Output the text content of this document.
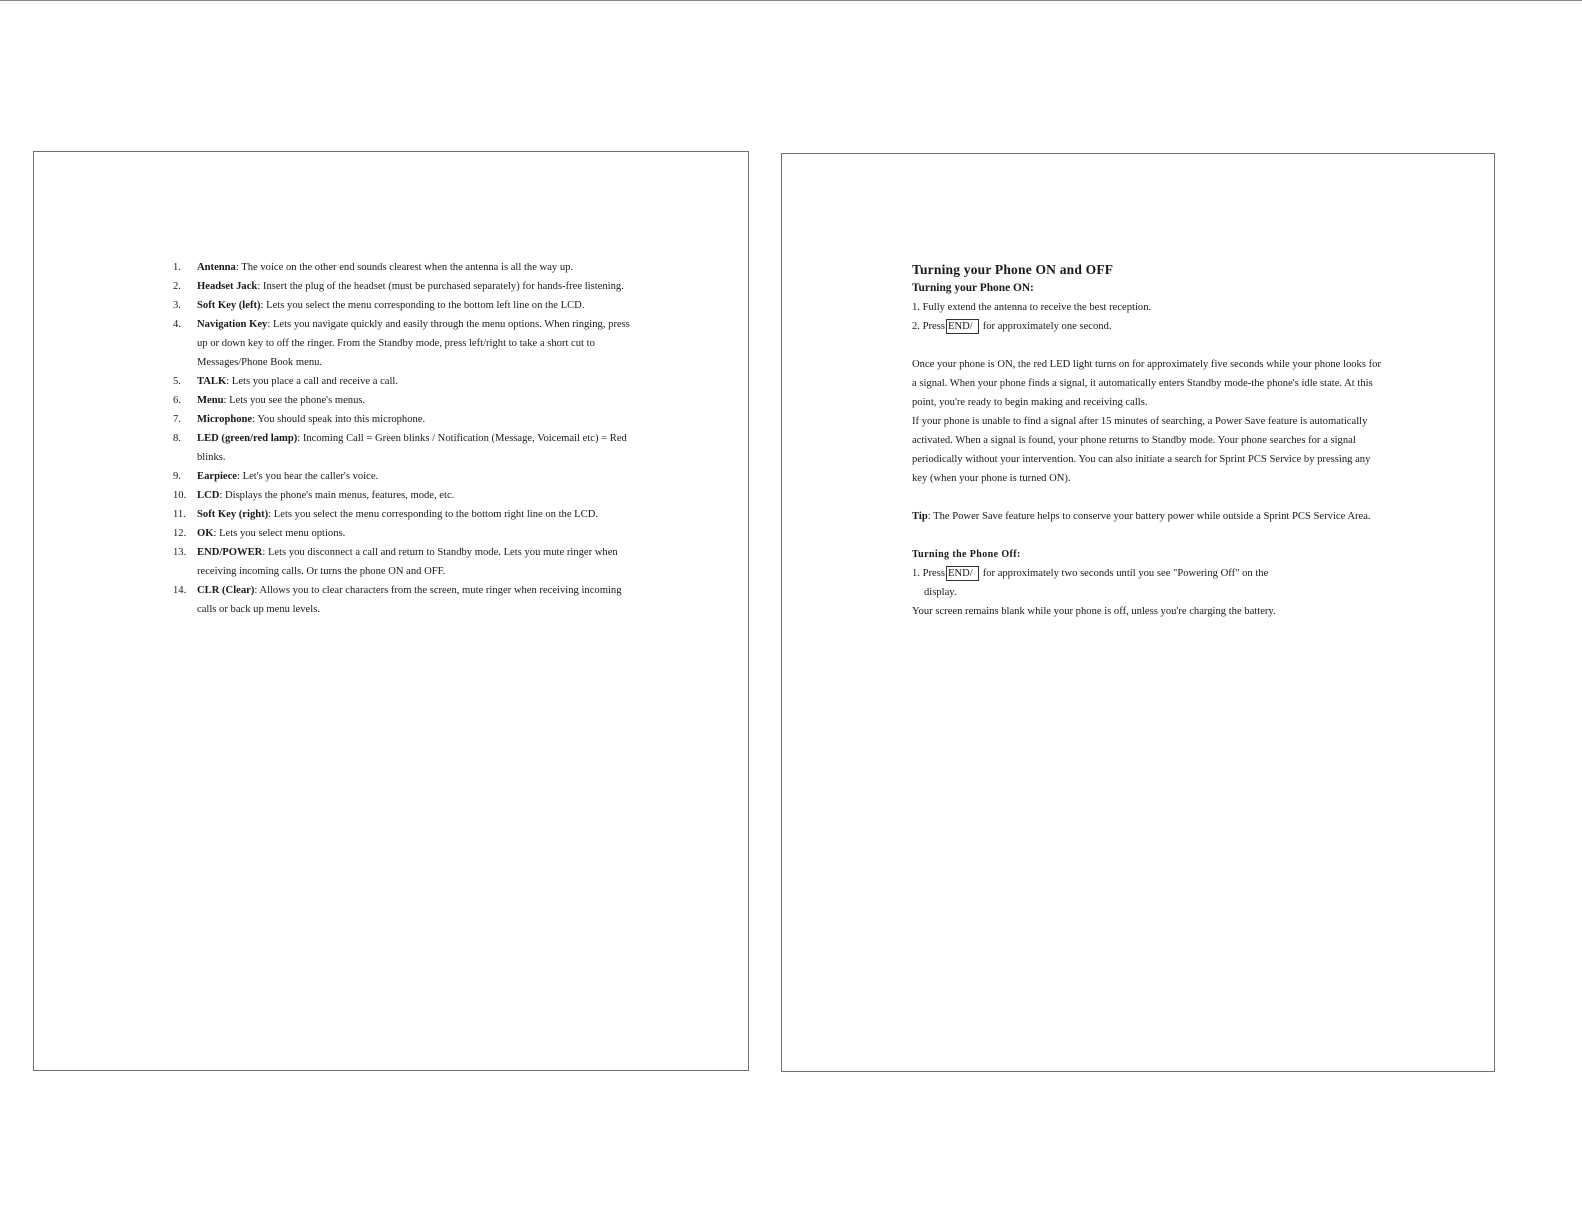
1. Antenna: The voice on the other end sounds clearest when the antenna is all the way up.
2. Headset Jack: Insert the plug of the headset (must be purchased separately) for hands-free listening.
3. Soft Key (left): Lets you select the menu corresponding to the bottom left line on the LCD.
4. Navigation Key: Lets you navigate quickly and easily through the menu options. When ringing, press up or down key to off the ringer. From the Standby mode, press left/right to take a short cut to Messages/Phone Book menu.
5. TALK: Lets you place a call and receive a call.
6. Menu: Lets you see the phone's menus.
7. Microphone: You should speak into this microphone.
8. LED (green/red lamp): Incoming Call = Green blinks / Notification (Message, Voicemail etc) = Red blinks.
9. Earpiece: Let's you hear the caller's voice.
10. LCD: Displays the phone's main menus, features, mode, etc.
11. Soft Key (right): Lets you select the menu corresponding to the bottom right line on the LCD.
12. OK: Lets you select menu options.
13. END/POWER: Lets you disconnect a call and return to Standby mode. Lets you mute ringer when receiving incoming calls. Or turns the phone ON and OFF.
14. CLR (Clear): Allows you to clear characters from the screen, mute ringer when receiving incoming calls or back up menu levels.

Turning your Phone ON and OFF

Turning your Phone ON:

1. Fully extend the antenna to receive the best reception.

2. Press END/ for approximately one second.

Once your phone is ON, the red LED light turns on for approximately five seconds while your phone looks for a signal. When your phone finds a signal, it automatically enters Standby mode-the phone's idle state. At this point, you're ready to begin making and receiving calls.

If your phone is unable to find a signal after 15 minutes of searching, a Power Save feature is automatically activated. When a signal is found, your phone returns to Standby mode. Your phone searches for a signal periodically without your intervention. You can also initiate a search for Sprint PCS Service by pressing any key (when your phone is turned ON).

Tip: The Power Save feature helps to conserve your battery power while outside a Sprint PCS Service Area.

Turning the Phone Off:

1. Press END/ for approximately two seconds until you see "Powering Off" on the

display.

Your screen remains blank while your phone is off, unless you're charging the battery.
